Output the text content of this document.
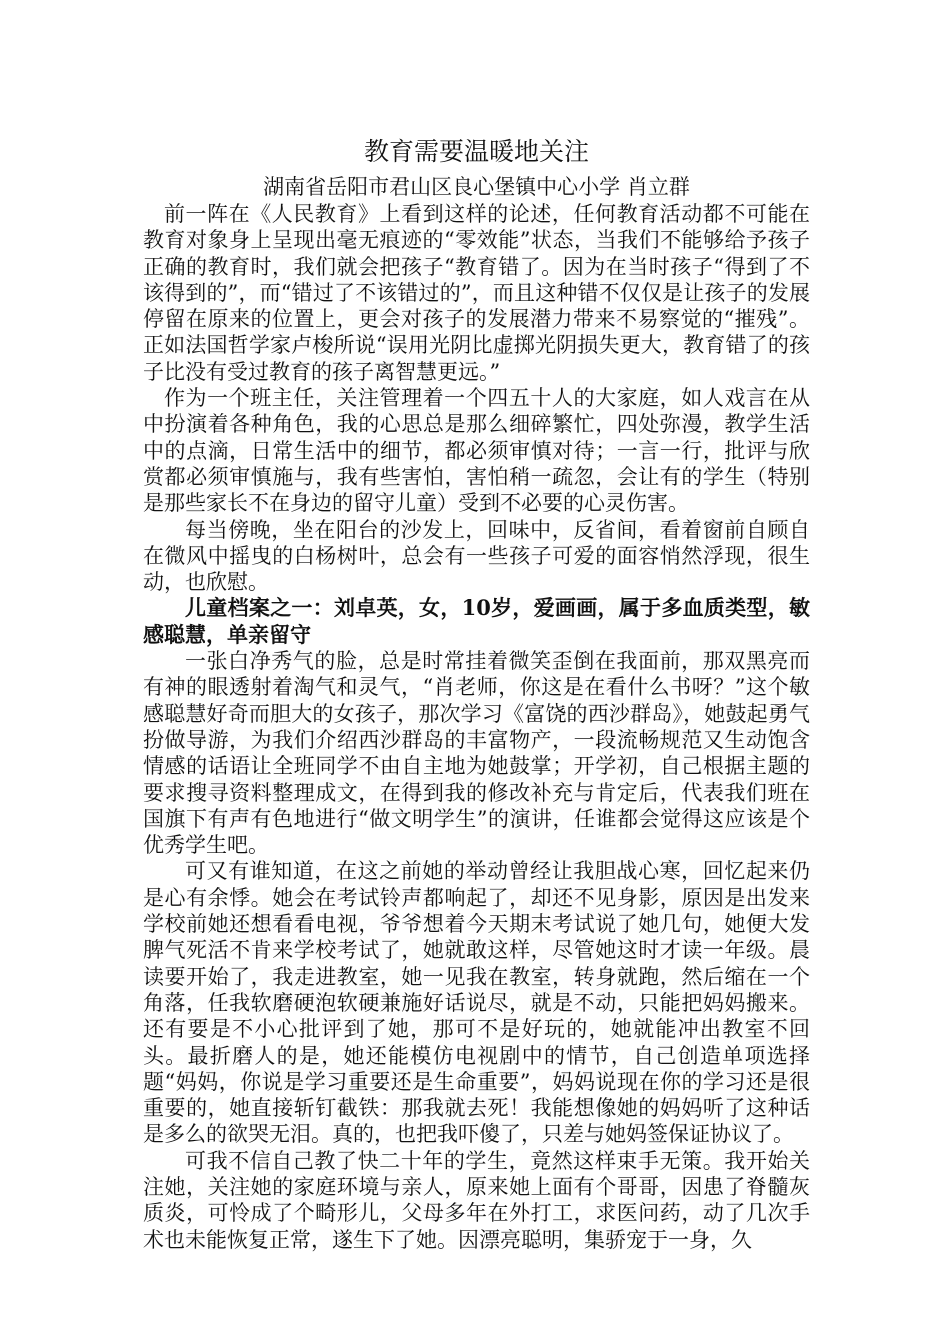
教育需要温暖地关注
湖南省岳阳市君山区良心堡镇中心小学 肖立群

前一阵在《人民教育》上看到这样的论述，任何教育活动都不可能在教育对象身上呈现出毫无痕迹的“零效能”状态，当我们不能够给予孩子正确的教育时，我们就会把孩子“教育错了。因为在当时孩子“得到了不该得到的”，而“错过了不该错过的”，而且这种错不仅仅是让孩子的发展停留在原来的位置上，更会对孩子的发展潜力带来不易察觉的“摧残”。正如法国哲学家卢梭所说“误用光阴比虚掷光阴损失更大，教育错了的孩子比没有受过教育的孩子离智慧更远。”

作为一个班主任，关注管理着一个四五十人的大家庭，如人戏言在从中扮演着各种角色，我的心思总是那么细碎繁忙，四处弥漫，教学生活中的点滴，日常生活中的细节，都必须审慎对待；一言一行，批评与欣赏都必须审慎施与，我有些害怕，害怕稍一疏忽，会让有的学生（特别是那些家长不在身边的留守儿童）受到不必要的心灵伤害。

每当傍晚，坐在阳台的沙发上，回味中，反省间，看着窗前自顾自在微风中摇曳的白杨树叶，总会有一些孩子可爱的面容悄然浮现，很生动，也欣慰。

儿童档案之一：刘卓英，女，10岁，爱画画，属于多血质类型，敏感聪慧，单亲留守

一张白净秀气的脸，总是时常挂着微笑歪倒在我面前，那双黑亮而有神的眼透射着淘气和灵气，“肖老师，你这是在看什么书呀？”这个敏感聪慧好奇而胆大的女孩子，那次学习《富饶的西沙群岛》，她鼓起勇气扮做导游，为我们介绍西沙群岛的丰富物产，一段流畅规范又生动饱含情感的话语让全班同学不由自主地为她鼓掌；开学初，自己根据主题的要求搜寻资料整理成文，在得到我的修改补充与肯定后，代表我们班在国旗下有声有色地进行“做文明学生”的演讲，任谁都会觉得这应该是个优秀学生吧。

可又有谁知道，在这之前她的举动曾经让我胆战心寒，回忆起来仍是心有余悸。她会在考试铃声都响起了，却还不见身影，原因是出发来学校前她还想看看电视，爷爷想着今天期末考试说了她几句，她便大发脾气死活不肯来学校考试了，她就敢这样，尽管她这时才读一年级。晨读要开始了，我走进教室，她一见我在教室，转身就跑，然后缩在一个角落，任我软磨硬泡软硬兼施好话说尽，就是不动，只能把妈妈搬来。还有要是不小心批评到了她，那可不是好玩的，她就能冲出教室不回头。最折磨人的是，她还能模仿电视剧中的情节，自己创造单项选择题“妈妈，你说是学习重要还是生命重要”，妈妈说现在你的学习还是很重要的，她直接斩钉截铁：那我就去死！我能想像她的妈妈听了这种话是多么的欲哭无泪。真的，也把我吓傻了，只差与她妈签保证协议了。

可我不信自己教了快二十年的学生，竟然这样束手无策。我开始关注她，关注她的家庭环境与亲人，原来她上面有个哥哥，因患了脊髓灰质炎，可怜成了个畸形儿，父母多年在外打工，求医问药，动了几次手术也未能恢复正常，遂生下了她。因漂亮聪明，集骄宠于一身，久
